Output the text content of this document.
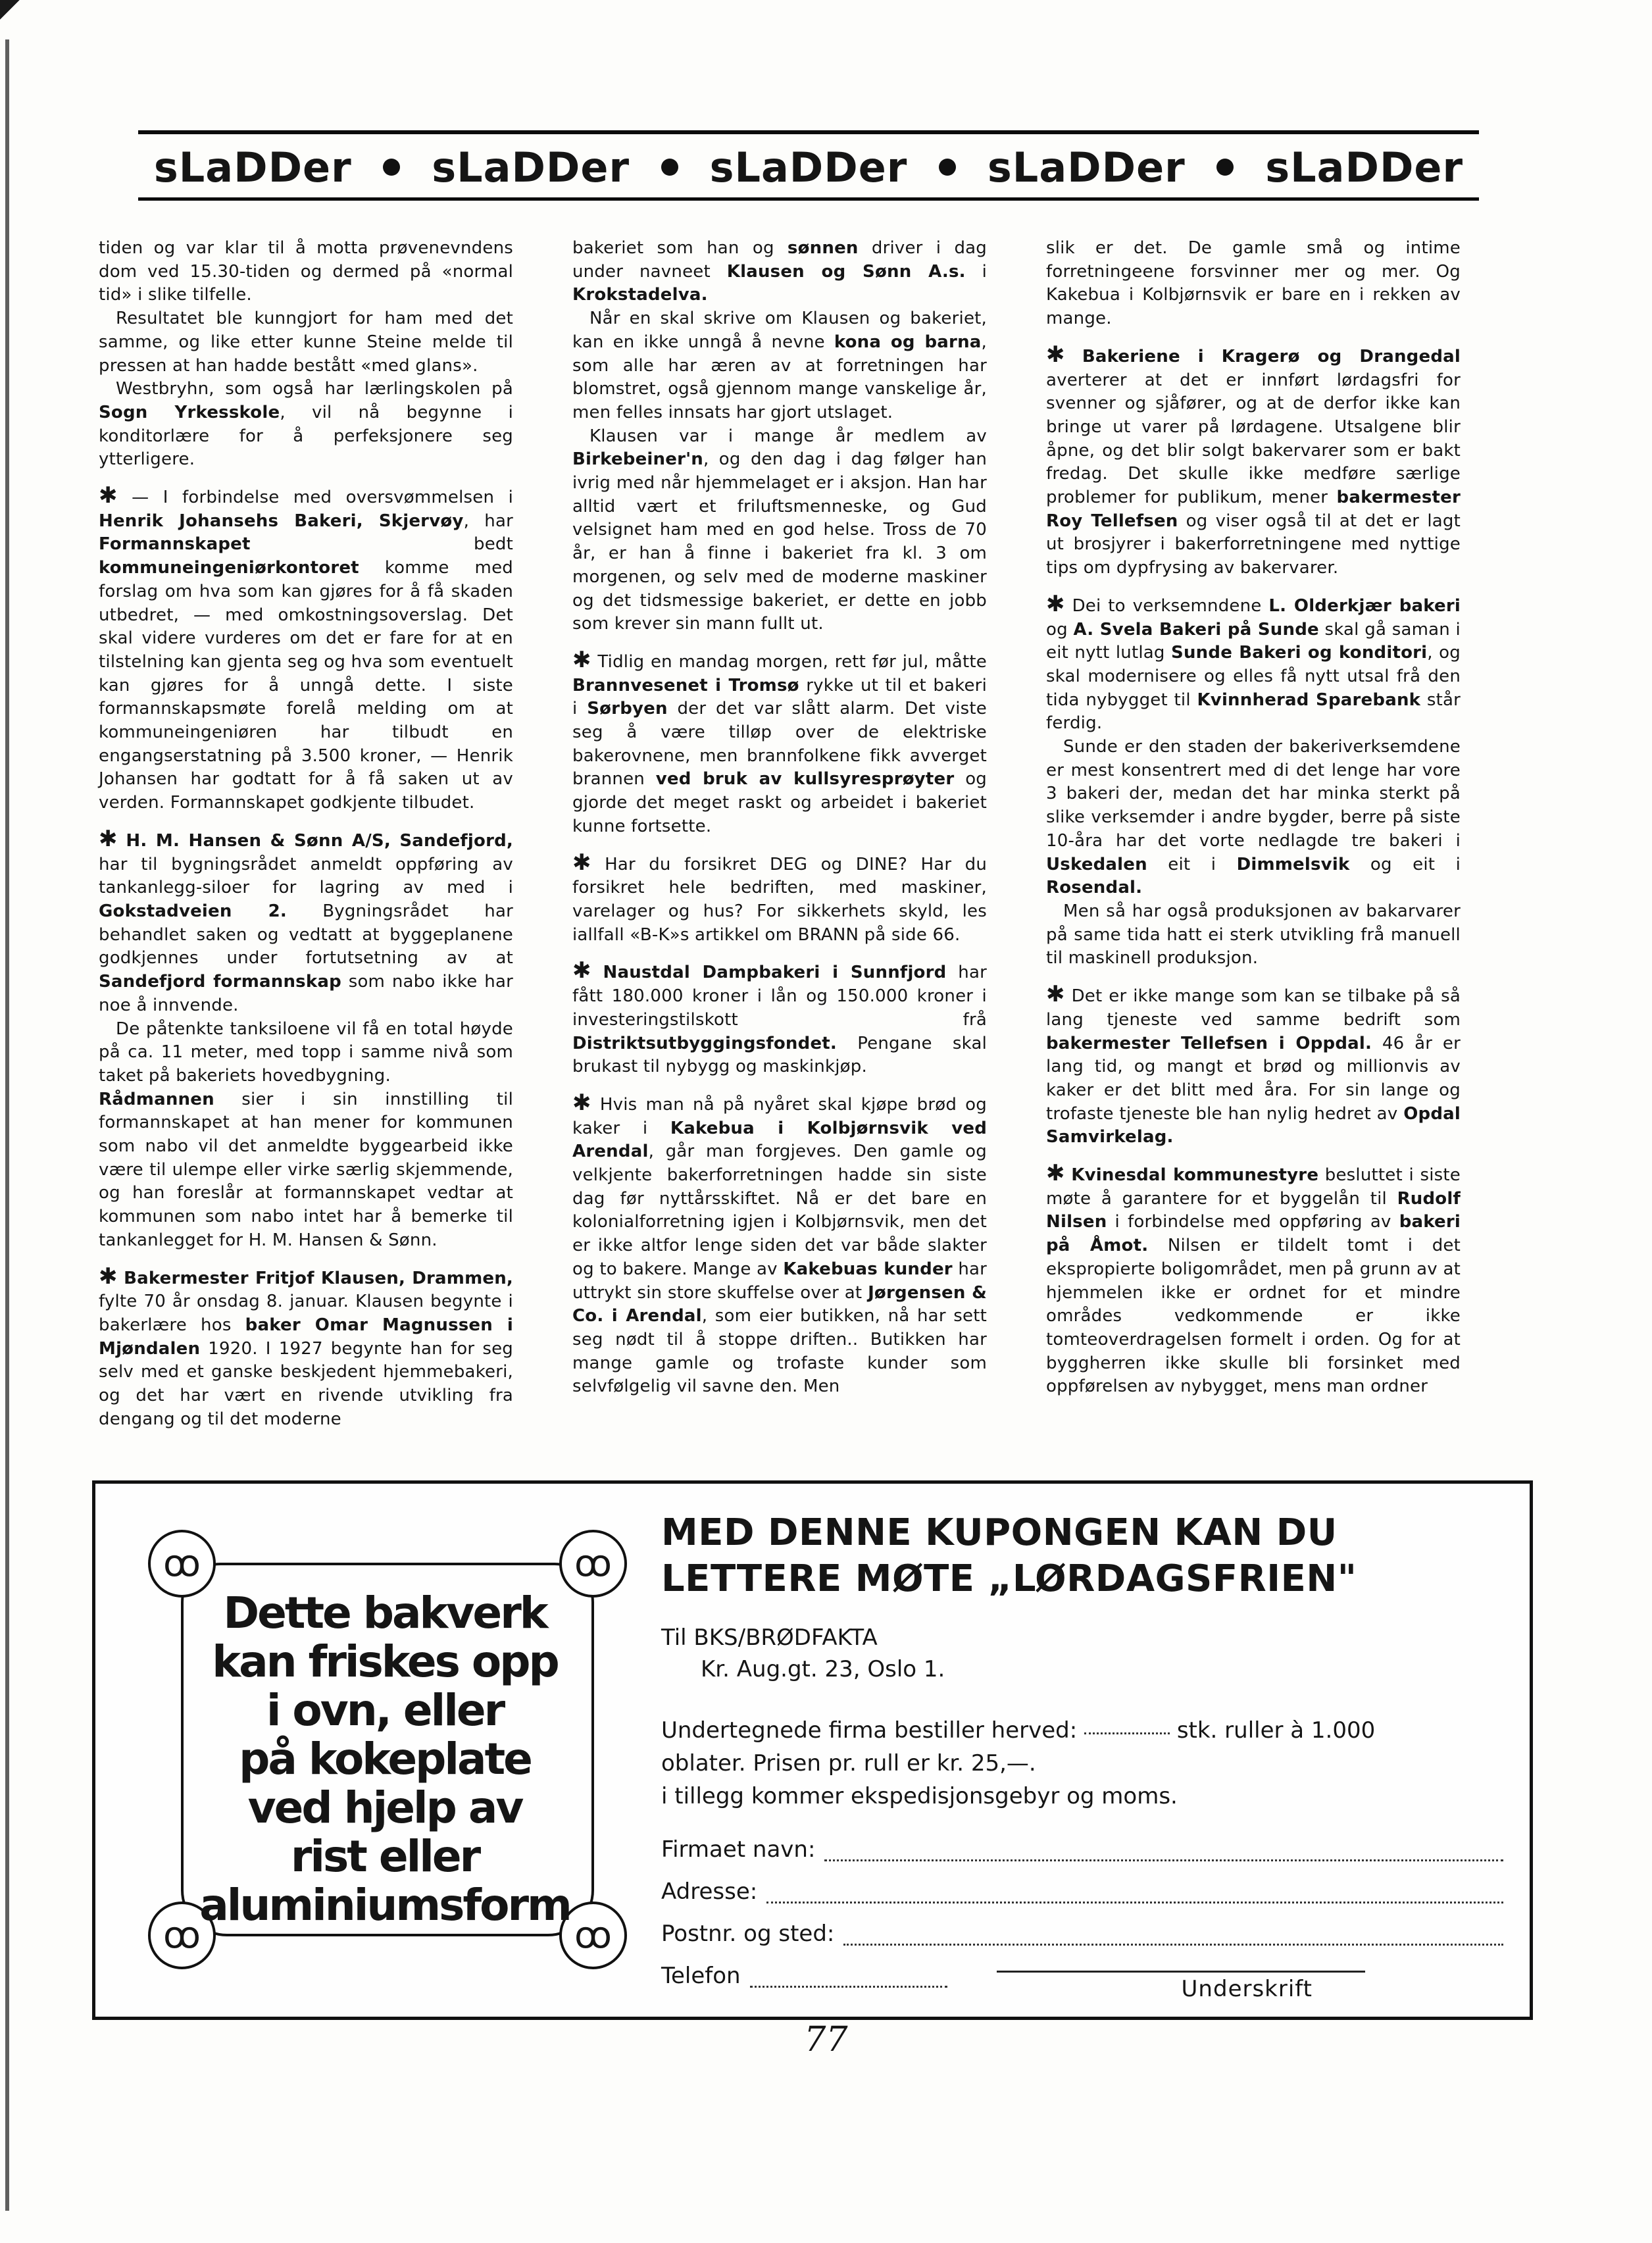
sLaDDer sLaDDer sLaDDer sLaDDer sLaDDer

tiden og var klar til å motta prøvenevndens dom ved 15.30-tiden og dermed på «normal tid» i slike tilfelle.

Resultatet ble kunngjort for ham med det samme, og like etter kunne Steine melde til pressen at han hadde bestått «med glans».

Westbryhn, som også har lærlingskolen på Sogn Yrkesskole, vil nå begynne i konditorlære for å perfeksjonere seg ytterligere.

✱ — I forbindelse med oversvømmelsen i Henrik Johansehs Bakeri, Skjervøy, har Formannskapet	bedt kommuneingeniørkontoret komme med forslag om hva som kan gjøres for å få skaden utbedret, — med omkostningsoverslag. Det skal videre vurderes om det er fare for at en tilstelning kan gjenta seg og hva som eventuelt kan gjøres for å unngå dette. I siste formannskapsmøte forelå melding om at kommuneingeniøren har tilbudt en engangserstatning på 3.500 kroner, — Henrik Johansen har godtatt for å få saken ut av verden. Formannskapet godkjente tilbudet.

✱ H. M. Hansen & Sønn A/S, Sandefjord, har til bygningsrådet anmeldt oppføring av tankanlegg-siloer for lagring av med i Gokstadveien 2. Bygningsrådet har behandlet saken og vedtatt at byggeplanene godkjennes under fortutsetning av at Sandefjord formannskap som nabo ikke har noe å innvende.

De påtenkte tanksiloene vil få en total høyde på ca. 11 meter, med topp i samme nivå som taket på bakeriets hovedbygning.

Rådmannen sier i sin innstilling til formannskapet at han mener for kommunen som nabo vil det anmeldte byggearbeid ikke være til ulempe eller virke særlig skjemmende, og han foreslår at formannskapet vedtar at kommunen som nabo intet har å bemerke til tankanlegget for H. M. Hansen & Sønn.

✱ Bakermester Fritjof Klausen, Drammen, fylte 70 år onsdag 8. januar. Klausen begynte i bakerlære hos baker Omar Magnussen i Mjøndalen 1920. I 1927 begynte han for seg selv med et ganske beskjedent hjemmebakeri, og det har vært en rivende utvikling fra dengang og til det moderne

bakeriet som han og sønnen driver i dag under navneet Klausen og Sønn A.s. i Krokstadelva.

Når en skal skrive om Klausen og bakeriet, kan en ikke unngå å nevne kona og barna, som alle har æren av at forretningen har blomstret, også gjennom mange vanskelige år, men felles innsats har gjort utslaget.

Klausen var i mange år medlem av Birkebeiner'n, og den dag i dag følger han ivrig med når hjemmelaget er i aksjon. Han har alltid vært et friluftsmenneske, og Gud velsignet ham med en god helse. Tross de 70 år, er han å finne i bakeriet fra kl. 3 om morgenen, og selv med de moderne maskiner og det tidsmessige bakeriet, er dette en jobb som krever sin mann fullt ut.

✱ Tidlig en mandag morgen, rett før jul, måtte Brannvesenet i Tromsø rykke ut til et bakeri i Sørbyen der det var slått alarm. Det viste seg å være tilløp over de elektriske bakerovnene, men brannfolkene fikk avverget brannen ved bruk av kullsyresprøyter og gjorde det meget raskt og arbeidet i bakeriet kunne fortsette.

✱ Har du forsikret DEG og DINE? Har du forsikret hele bedriften, med maskiner, varelager og hus? For sikkerhets skyld, les iallfall «B-K»s artikkel om BRANN på side 66.

✱ Naustdal Dampbakeri i Sunnfjord har fått 180.000 kroner i lån og 150.000 kroner i investeringstilskott frå Distriktsutbyggingsfondet. Pengane skal brukast til nybygg og maskinkjøp.

✱ Hvis man nå på nyåret skal kjøpe brød og kaker i Kakebua i Kolbjørnsvik ved Arendal, går man forgjeves. Den gamle og velkjente bakerforretningen hadde sin siste dag før nyttårsskiftet. Nå er det bare en kolonialforretning igjen i Kolbjørnsvik, men det er ikke altfor lenge siden det var både slakter og to bakere. Mange av Kakebuas kunder har uttrykt sin store skuffelse over at Jørgensen & Co. i Arendal, som eier butikken, nå har sett seg nødt til å stoppe driften.. Butikken har mange gamle og trofaste kunder som selvfølgelig vil savne den. Men

slik er det. De gamle små og intime forretningeene forsvinner mer og mer. Og Kakebua i Kolbjørnsvik er bare en i rekken av mange.

✱ Bakeriene i Kragerø og Drangedal averterer at det er innført lørdagsfri for svenner og sjåfører, og at de derfor ikke kan bringe ut varer på lørdagene. Utsalgene blir åpne, og det blir solgt bakervarer som er bakt fredag. Det skulle ikke medføre særlige problemer for publikum, mener bakermester Roy Tellefsen og viser også til at det er lagt ut brosjyrer i bakerforretningene med nyttige tips om dypfrysing av bakervarer.

✱ Dei to verksemndene L. Olderkjær bakeri og A. Svela Bakeri på Sunde skal gå saman i eit nytt lutlag Sunde Bakeri og konditori, og skal modernisere og elles få nytt utsal frå den tida nybygget til Kvinnherad Sparebank står ferdig.

Sunde er den staden der bakeriverksemdene er mest konsentrert med di det lenge har vore 3 bakeri der, medan det har minka sterkt på slike verksemder i andre bygder, berre på siste 10-åra har det vorte nedlagde tre bakeri i Uskedalen eit i Dimmelsvik og eit i Rosendal.

Men så har også produksjonen av bakarvarer på same tida hatt ei sterk utvikling frå manuell til maskinell produksjon.

✱ Det er ikke mange som kan se tilbake på så lang tjeneste ved samme bedrift som bakermester Tellefsen i Oppdal. 46 år er lang tid, og mangt et brød og millionvis av kaker er det blitt med åra. For sin lange og trofaste tjeneste ble han nylig hedret av Opdal Samvirkelag.

✱ Kvinesdal kommunestyre besluttet i siste møte å garantere for et byggelån til Rudolf Nilsen i forbindelse med oppføring av bakeri på Åmot. Nilsen er tildelt tomt i det ekspropierte boligområdet, men på grunn av at hjemmelen ikke er ordnet for et mindre områdes vedkommende er ikke tomteoverdragelsen formelt i orden. Og for at byggherren ikke skulle bli forsinket med oppførelsen av nybygget, mens man ordner

ꝏ	ꝏ
ꝏ	ꝏ
Dette bakverk
kan friskes opp
i ovn, eller
på kokeplate
ved hjelp av
rist eller
aluminiumsform
MED DENNE KUPONGEN KAN DU
LETTERE MØTE „LØRDAGSFRIEN"
Til BKS/BRØDFAKTA
Kr. Aug.gt. 23, Oslo 1.
Undertegnede firma bestiller herved:	stk. ruller à 1.000
oblater. Prisen pr. rull er kr. 25,—.
i tillegg kommer ekspedisjonsgebyr og moms.
Firmaet navn:
Adresse:
Postnr. og sted:
Telefon	Underskrift
77
